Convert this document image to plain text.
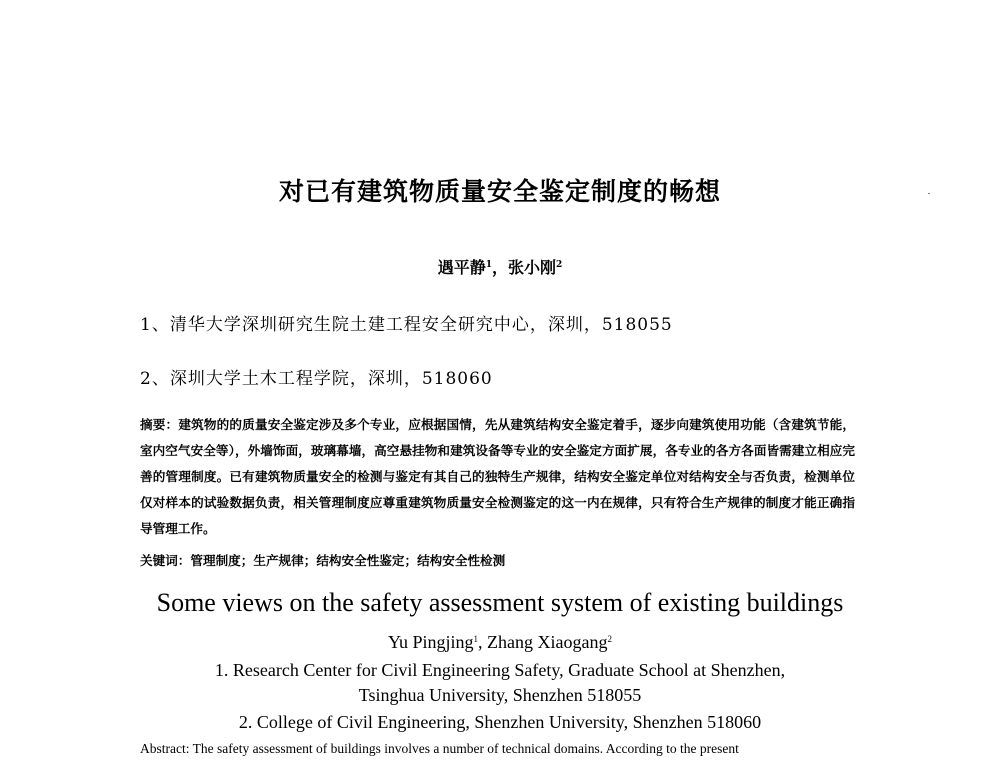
对已有建筑物质量安全鉴定制度的畅想
遇平静$^1$，张小刚$^2$
1、清华大学深圳研究生院土建工程安全研究中心，深圳，518055
2、深圳大学土木工程学院，深圳，518060
摘要：建筑物的的质量安全鉴定涉及多个专业，应根据国情，先从建筑结构安全鉴定着手，逐步向建筑使用功能（含建筑节能，室内空气安全等），外墙饰面，玻璃幕墙，高空悬挂物和建筑设备等专业的安全鉴定方面扩展，各专业的各方各面皆需建立相应完善的管理制度。已有建筑物质量安全的检测与鉴定有其自己的独特生产规律，结构安全鉴定单位对结构安全与否负责，检测单位仅对样本的试验数据负责，相关管理制度应尊重建筑物质量安全检测鉴定的这一内在规律，只有符合生产规律的制度才能正确指导管理工作。
关键词：管理制度；生产规律；结构安全性鉴定；结构安全性检测
Some views on the safety assessment system of existing buildings
Yu Pingjing$^1$, Zhang Xiaogang$^2$
1. Research Center for Civil Engineering Safety, Graduate School at Shenzhen,
Tsinghua University, Shenzhen 518055
2. College of Civil Engineering, Shenzhen University, Shenzhen 518060
Abstract: The safety assessment of buildings involves a number of technical domains. According to the present
